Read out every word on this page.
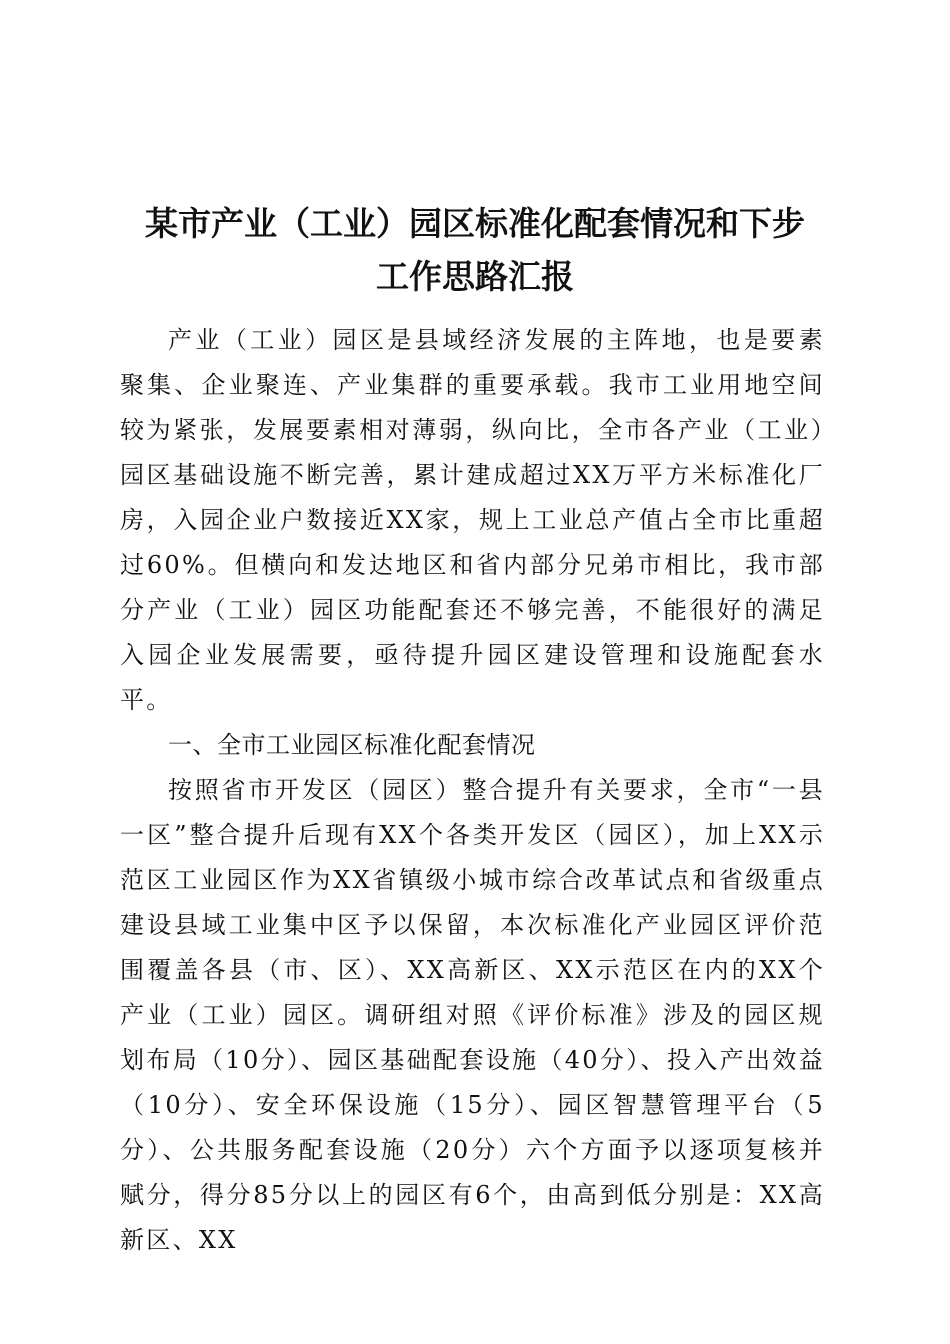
某市产业（工业）园区标准化配套情况和下步
工作思路汇报

产业（工业）园区是县域经济发展的主阵地，也是要素聚集、企业聚连、产业集群的重要承载。我市工业用地空间较为紧张，发展要素相对薄弱，纵向比，全市各产业（工业）园区基础设施不断完善，累计建成超过XX万平方米标准化厂房，入园企业户数接近XX家，规上工业总产值占全市比重超过60%。但横向和发达地区和省内部分兄弟市相比，我市部分产业（工业）园区功能配套还不够完善，不能很好的满足入园企业发展需要，亟待提升园区建设管理和设施配套水平。

一、全市工业园区标准化配套情况

按照省市开发区（园区）整合提升有关要求，全市“一县一区”整合提升后现有XX个各类开发区（园区），加上XX示范区工业园区作为XX省镇级小城市综合改革试点和省级重点建设县域工业集中区予以保留，本次标准化产业园区评价范围覆盖各县（市、区）、XX高新区、XX示范区在内的XX个产业（工业）园区。调研组对照《评价标准》涉及的园区规划布局（10分）、园区基础配套设施（40分）、投入产出效益（10分）、安全环保设施（15分）、园区智慧管理平台（5分）、公共服务配套设施（20分）六个方面予以逐项复核并赋分，得分85分以上的园区有6个，由高到低分别是：XX高新区、XX
